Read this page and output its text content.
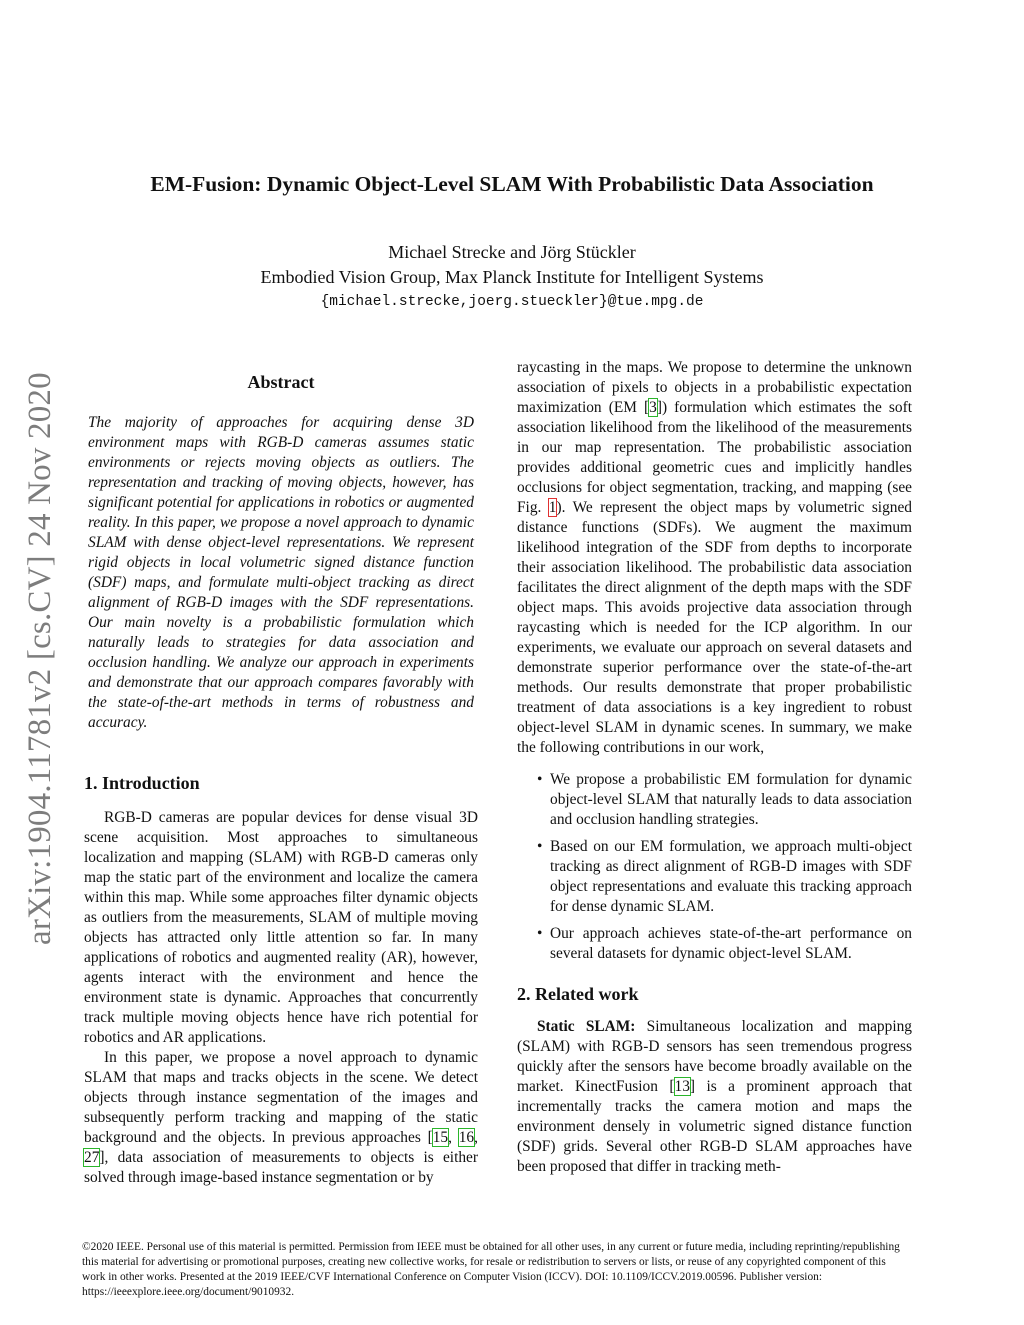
arXiv:1904.11781v2 [cs.CV] 24 Nov 2020
EM-Fusion: Dynamic Object-Level SLAM With Probabilistic Data Association
Michael Strecke and Jörg Stückler
Embodied Vision Group, Max Planck Institute for Intelligent Systems
{michael.strecke,joerg.stueckler}@tue.mpg.de
Abstract

The majority of approaches for acquiring dense 3D environment maps with RGB-D cameras assumes static environments or rejects moving objects as outliers. The representation and tracking of moving objects, however, has significant potential for applications in robotics or augmented reality. In this paper, we propose a novel approach to dynamic SLAM with dense object-level representations. We represent rigid objects in local volumetric signed distance function (SDF) maps, and formulate multi-object tracking as direct alignment of RGB-D images with the SDF representations. Our main novelty is a probabilistic formulation which naturally leads to strategies for data association and occlusion handling. We analyze our approach in experiments and demonstrate that our approach compares favorably with the state-of-the-art methods in terms of robustness and accuracy.

1. Introduction

RGB-D cameras are popular devices for dense visual 3D scene acquisition. Most approaches to simultaneous localization and mapping (SLAM) with RGB-D cameras only map the static part of the environment and localize the camera within this map. While some approaches filter dynamic objects as outliers from the measurements, SLAM of multiple moving objects has attracted only little attention so far. In many applications of robotics and augmented reality (AR), however, agents interact with the environment and hence the environment state is dynamic. Approaches that concurrently track multiple moving objects hence have rich potential for robotics and AR applications.

In this paper, we propose a novel approach to dynamic SLAM that maps and tracks objects in the scene. We detect objects through instance segmentation of the images and subsequently perform tracking and mapping of the static background and the objects. In previous approaches [15, 16, 27], data association of measurements to objects is either solved through image-based instance segmentation or by

raycasting in the maps. We propose to determine the unknown association of pixels to objects in a probabilistic expectation maximization (EM [3]) formulation which estimates the soft association likelihood from the likelihood of the measurements in our map representation. The probabilistic association provides additional geometric cues and implicitly handles occlusions for object segmentation, tracking, and mapping (see Fig. 1). We represent the object maps by volumetric signed distance functions (SDFs). We augment the maximum likelihood integration of the SDF from depths to incorporate their association likelihood. The probabilistic data association facilitates the direct alignment of the depth maps with the SDF object maps. This avoids projective data association through raycasting which is needed for the ICP algorithm. In our experiments, we evaluate our approach on several datasets and demonstrate superior performance over the state-of-the-art methods. Our results demonstrate that proper probabilistic treatment of data associations is a key ingredient to robust object-level SLAM in dynamic scenes. In summary, we make the following contributions in our work,

• We propose a probabilistic EM formulation for dynamic object-level SLAM that naturally leads to data association and occlusion handling strategies.
• Based on our EM formulation, we approach multi-object tracking as direct alignment of RGB-D images with SDF object representations and evaluate this tracking approach for dense dynamic SLAM.
• Our approach achieves state-of-the-art performance on several datasets for dynamic object-level SLAM.
2. Related work

Static SLAM: Simultaneous localization and mapping (SLAM) with RGB-D sensors has seen tremendous progress quickly after the sensors have become broadly available on the market. KinectFusion [13] is a prominent approach that incrementally tracks the camera motion and maps the environment densely in volumetric signed distance function (SDF) grids. Several other RGB-D SLAM approaches have been proposed that differ in tracking meth-

©2020 IEEE. Personal use of this material is permitted. Permission from IEEE must be obtained for all other uses, in any current or future media, including reprinting/republishing this material for advertising or promotional purposes, creating new collective works, for resale or redistribution to servers or lists, or reuse of any copyrighted component of this work in other works. Presented at the 2019 IEEE/CVF International Conference on Computer Vision (ICCV). DOI: 10.1109/ICCV.2019.00596. Publisher version: https://ieeexplore.ieee.org/document/9010932.
